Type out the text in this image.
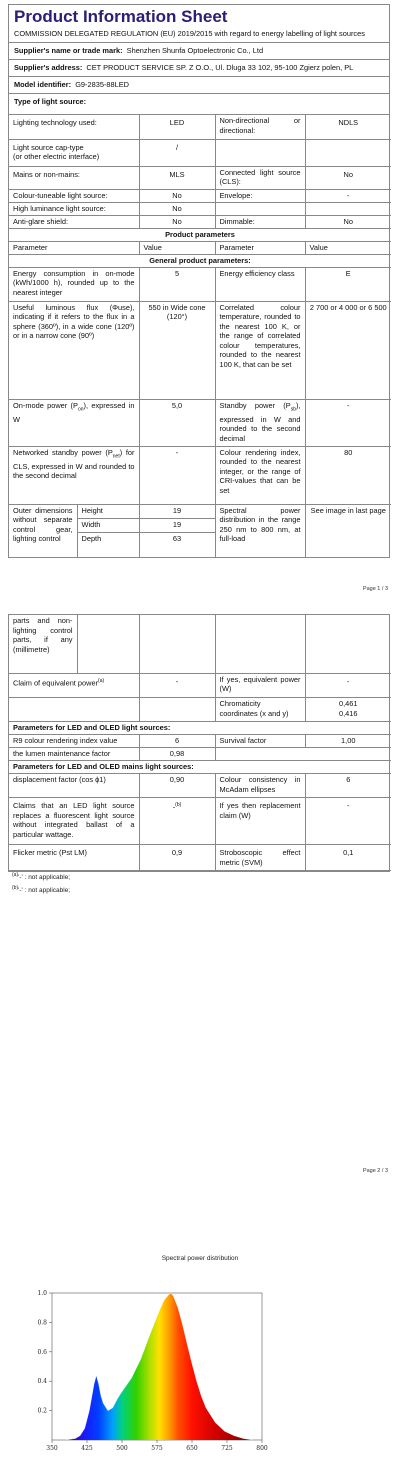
Product Information Sheet
COMMISSION DELEGATED REGULATION (EU) 2019/2015 with regard to energy labelling of light sources
Supplier's name or trade mark: Shenzhen Shunfa Optoelectronic Co., Ltd
Supplier's address: CET PRODUCT SERVICE SP. Z O.O., Ul. Dluga 33 102, 95-100 Zgierz polen, PL
Model identifier: G9-2835-88LED
Type of light source:
Lighting technology used:	LED	Non-directional or directional:	NDLS
Light source cap-type
(or other electric interface)	/		
Mains or non-mains:	MLS	Connected light source (CLS):	No
Colour-tuneable light source:	No	Envelope:	-
High luminance light source:	No		
Anti-glare shield:	No	Dimmable:	No
Product parameters			
Parameter	Value	Parameter	Value
General product parameters:			
Energy consumption in on-mode (kWh/1000 h), rounded up to the nearest integer	5	Energy efficiency class	E
Useful luminous flux (Φuse), indicating if it refers to the flux in a sphere (360º), in a wide cone (120º) or in a narrow cone (90º)	550 in Wide cone (120°)	Correlated colour temperature, rounded to the nearest 100 K, or the range of correlated colour temperatures, rounded to the nearest 100 K, that can be set	2 700 or 4 000 or 6 500
On-mode power $(P_{on})$, expressed in W	5,0	Standby power $(P_{sb})$, expressed in W and rounded to the second decimal	-
Networked standby power $(P_{net})$ for CLS, expressed in W and rounded to the second decimal	-	Colour rendering index, rounded to the nearest integer, or the range of CRI-values that can be set	80
Outer dimensions without separate control gear, lighting control	Height	19	Spectral power distribution in the range 250 nm to 800 nm, at full-load	See image in last page
	Width	19		
	Depth	63		
Page 1 / 3
parts and non-lighting control parts, if any (millimetre)				
Claim of equivalent power$^{(a)}$	-	If yes, equivalent power (W)	-
		Chromaticity coordinates (x and y)	0,461
0,416
Parameters for LED and OLED light sources:			
R9 colour rendering index value	6	Survival factor	1,00
the lumen maintenance factor	0,98		
Parameters for LED and OLED mains light sources:			
displacement factor (cos ϕ1)	0,90	Colour consistency in McAdam ellipses	6
Claims that an LED light source replaces a fluorescent light source without integrated ballast of a particular wattage.	-$^{(b)}$	If yes then replacement claim (W)	-
Flicker metric (Pst LM)	0,9	Stroboscopic effect metric (SVM)	0,1
$^{(a)}$'-' : not applicable;
$^{(b)}$'-' : not applicable;
Page 2 / 3
Spectral power distribution
350	425	500	575	650	725	800
0.2
0.4
0.6
0.8
1.0
